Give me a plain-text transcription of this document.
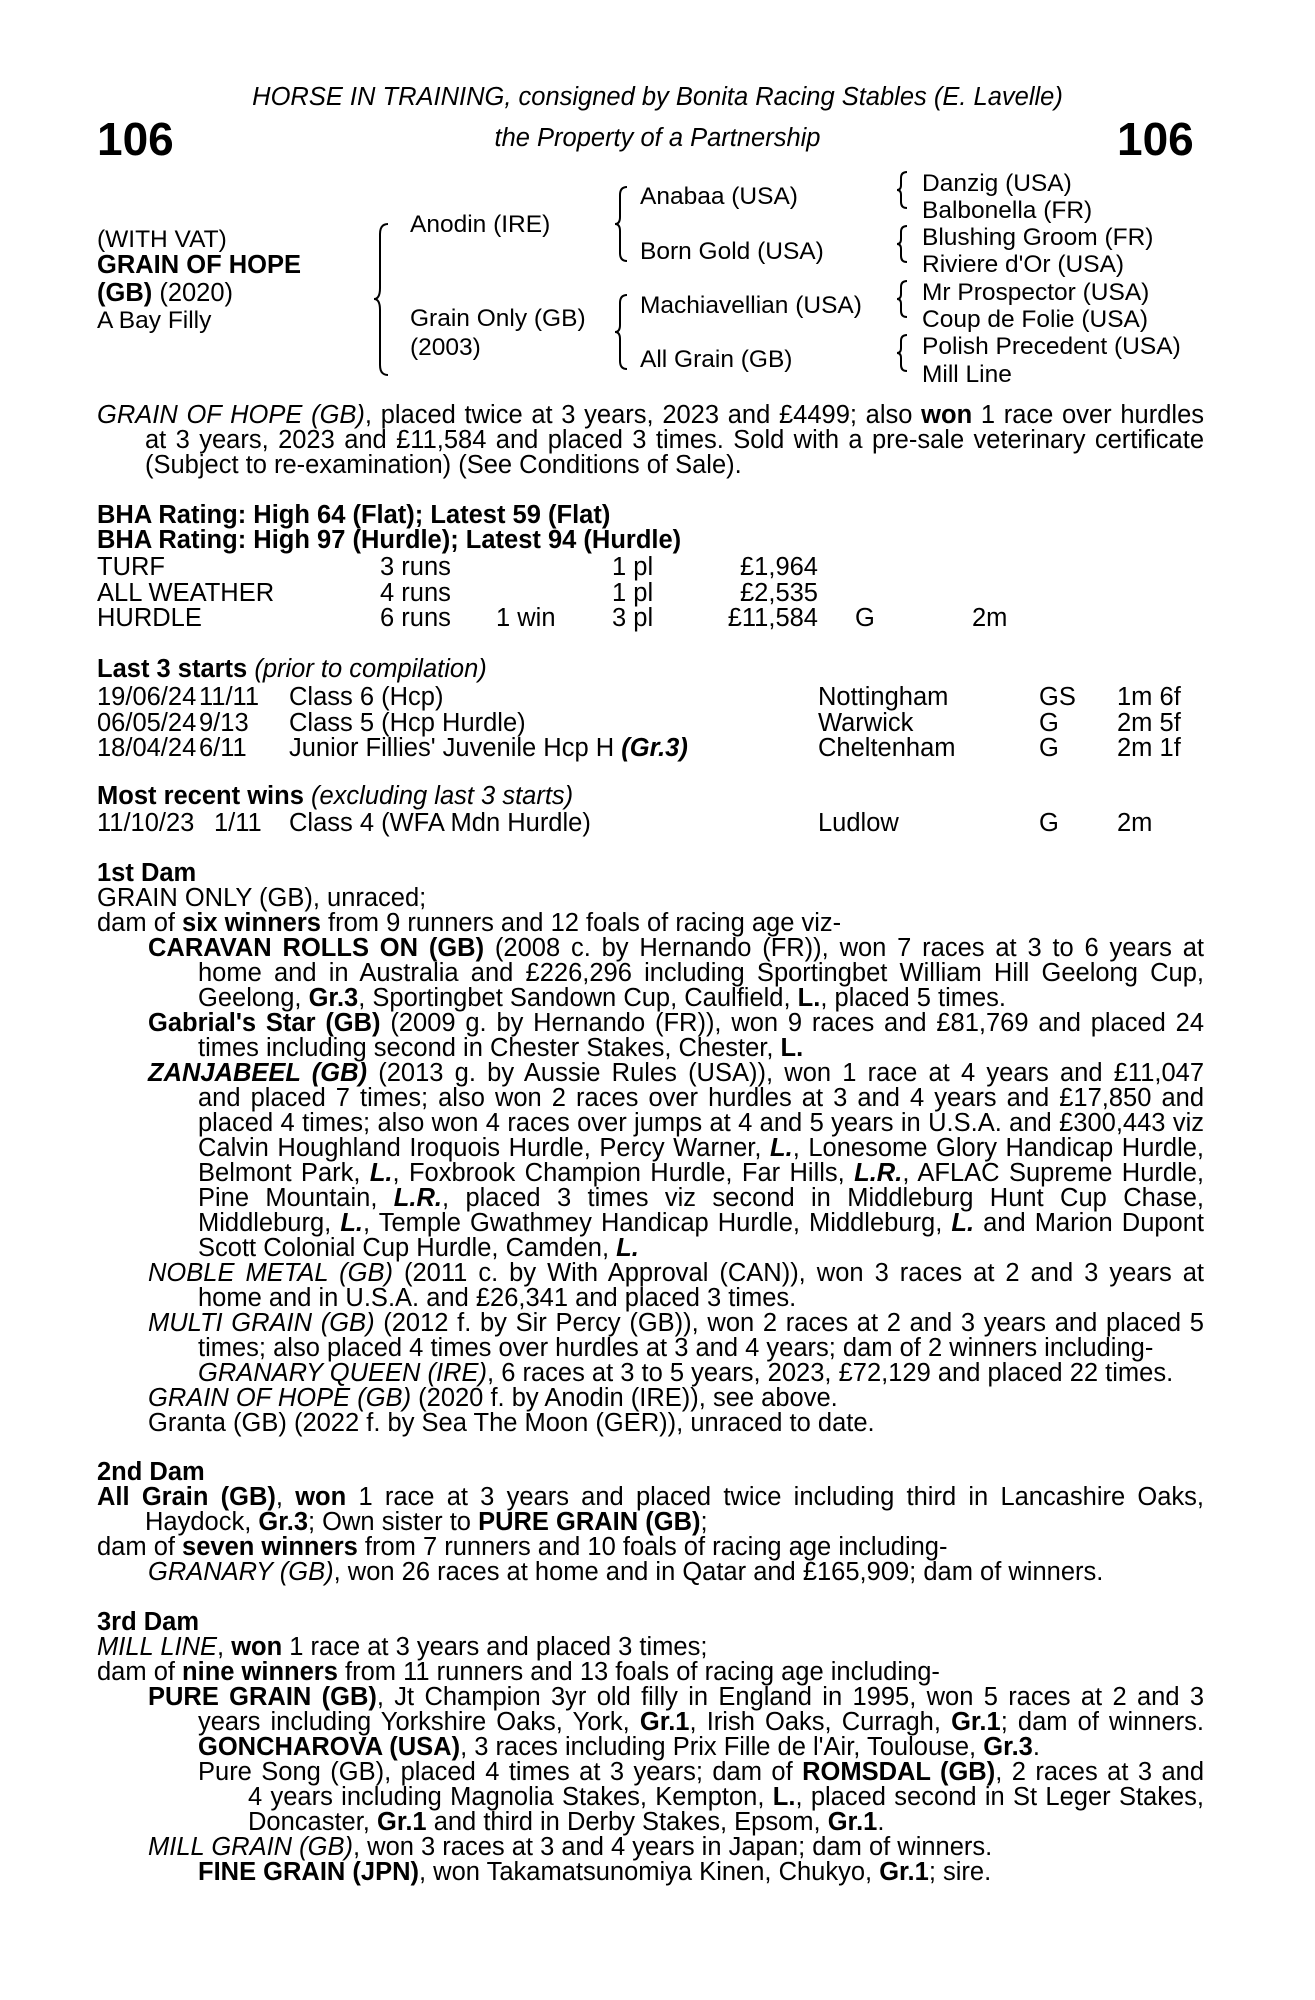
106	106
HORSE IN TRAINING, consigned by Bonita Racing Stables (E. Lavelle)
the Property of a Partnership
(WITH VAT)
GRAIN OF HOPE
(GB) (2020)
A Bay Filly
Anodin (IRE)
Grain Only (GB)
(2003)
Anabaa (USA)
Born Gold (USA)
Machiavellian (USA)
All Grain (GB)
Danzig (USA)
Balbonella (FR)
Blushing Groom (FR)
Riviere d'Or (USA)
Mr Prospector (USA)
Coup de Folie (USA)
Polish Precedent (USA)
Mill Line
GRAIN OF HOPE (GB), placed twice at 3 years, 2023 and £4499; also won 1 race over hurdles
at 3 years, 2023 and £11,584 and placed 3 times. Sold with a pre-sale veterinary certificate
(Subject to re-examination) (See Conditions of Sale).
BHA Rating: High 64 (Flat); Latest 59 (Flat)
BHA Rating: High 97 (Hurdle); Latest 94 (Hurdle)
TURF	3 runs	1 pl	£1,964
ALL WEATHER	4 runs	1 pl	£2,535
HURDLE	6 runs 1 win 3 pl	£11,584 G	2m
Last 3 starts (prior to compilation)
19/06/24 11/11 Class 6 (Hcp)	Nottingham	GS 1m 6f
06/05/24 9/13 Class 5 (Hcp Hurdle)	Warwick	G 2m 5f
18/04/24 6/11 Junior Fillies' Juvenile Hcp H (Gr.3)	Cheltenham	G 2m 1f
Most recent wins (excluding last 3 starts)
11/10/23 1/11 Class 4 (WFA Mdn Hurdle)	Ludlow	G 2m
1st Dam
GRAIN ONLY (GB), unraced;
dam of six winners from 9 runners and 12 foals of racing age viz-
CARAVAN ROLLS ON (GB) (2008 c. by Hernando (FR)), won 7 races at 3 to 6 years at
home and in Australia and £226,296 including Sportingbet William Hill Geelong Cup,
Geelong, Gr.3, Sportingbet Sandown Cup, Caulfield, L., placed 5 times.
Gabrial's Star (GB) (2009 g. by Hernando (FR)), won 9 races and £81,769 and placed 24
times including second in Chester Stakes, Chester, L.
ZANJABEEL (GB) (2013 g. by Aussie Rules (USA)), won 1 race at 4 years and £11,047
and placed 7 times; also won 2 races over hurdles at 3 and 4 years and £17,850 and
placed 4 times; also won 4 races over jumps at 4 and 5 years in U.S.A. and £300,443 viz
Calvin Houghland Iroquois Hurdle, Percy Warner, L., Lonesome Glory Handicap Hurdle,
Belmont Park, L., Foxbrook Champion Hurdle, Far Hills, L.R., AFLAC Supreme Hurdle,
Pine Mountain, L.R., placed 3 times viz second in Middleburg Hunt Cup Chase,
Middleburg, L., Temple Gwathmey Handicap Hurdle, Middleburg, L. and Marion Dupont
Scott Colonial Cup Hurdle, Camden, L.
NOBLE METAL (GB) (2011 c. by With Approval (CAN)), won 3 races at 2 and 3 years at
home and in U.S.A. and £26,341 and placed 3 times.
MULTI GRAIN (GB) (2012 f. by Sir Percy (GB)), won 2 races at 2 and 3 years and placed 5
times; also placed 4 times over hurdles at 3 and 4 years; dam of 2 winners including-
GRANARY QUEEN (IRE), 6 races at 3 to 5 years, 2023, £72,129 and placed 22 times.
GRAIN OF HOPE (GB) (2020 f. by Anodin (IRE)), see above.
Granta (GB) (2022 f. by Sea The Moon (GER)), unraced to date.
2nd Dam
All Grain (GB), won 1 race at 3 years and placed twice including third in Lancashire Oaks,
Haydock, Gr.3; Own sister to PURE GRAIN (GB);
dam of seven winners from 7 runners and 10 foals of racing age including-
GRANARY (GB), won 26 races at home and in Qatar and £165,909; dam of winners.
3rd Dam
MILL LINE, won 1 race at 3 years and placed 3 times;
dam of nine winners from 11 runners and 13 foals of racing age including-
PURE GRAIN (GB), Jt Champion 3yr old filly in England in 1995, won 5 races at 2 and 3
years including Yorkshire Oaks, York, Gr.1, Irish Oaks, Curragh, Gr.1; dam of winners.
GONCHAROVA (USA), 3 races including Prix Fille de l'Air, Toulouse, Gr.3.
Pure Song (GB), placed 4 times at 3 years; dam of ROMSDAL (GB), 2 races at 3 and
4 years including Magnolia Stakes, Kempton, L., placed second in St Leger Stakes,
Doncaster, Gr.1 and third in Derby Stakes, Epsom, Gr.1.
MILL GRAIN (GB), won 3 races at 3 and 4 years in Japan; dam of winners.
FINE GRAIN (JPN), won Takamatsunomiya Kinen, Chukyo, Gr.1; sire.
